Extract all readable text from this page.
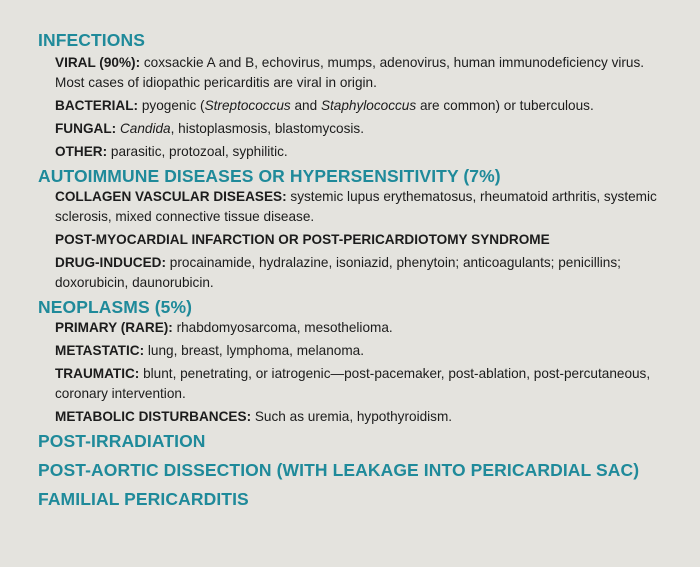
INFECTIONS

VIRAL (90%): coxsackie A and B, echovirus, mumps, adenovirus, human immunodeficiency virus. Most cases of idiopathic pericarditis are viral in origin.

BACTERIAL: pyogenic (Streptococcus and Staphylococcus are common) or tuberculous.

FUNGAL: Candida, histoplasmosis, blastomycosis.

OTHER: parasitic, protozoal, syphilitic.

AUTOIMMUNE DISEASES OR HYPERSENSITIVITY (7%)

COLLAGEN VASCULAR DISEASES: systemic lupus erythematosus, rheumatoid arthritis, systemic sclerosis, mixed connective tissue disease.

POST-MYOCARDIAL INFARCTION OR POST-PERICARDIOTOMY SYNDROME

DRUG-INDUCED: procainamide, hydralazine, isoniazid, phenytoin; anticoagulants; penicillins; doxorubicin, daunorubicin.

NEOPLASMS (5%)

PRIMARY (RARE): rhabdomyosarcoma, mesothelioma.

METASTATIC: lung, breast, lymphoma, melanoma.

TRAUMATIC: blunt, penetrating, or iatrogenic—post-pacemaker, post-ablation, post-percutaneous, coronary intervention.

METABOLIC DISTURBANCES: Such as uremia, hypothyroidism.

POST-IRRADIATION
POST-AORTIC DISSECTION (WITH LEAKAGE INTO PERICARDIAL SAC)
FAMILIAL PERICARDITIS
